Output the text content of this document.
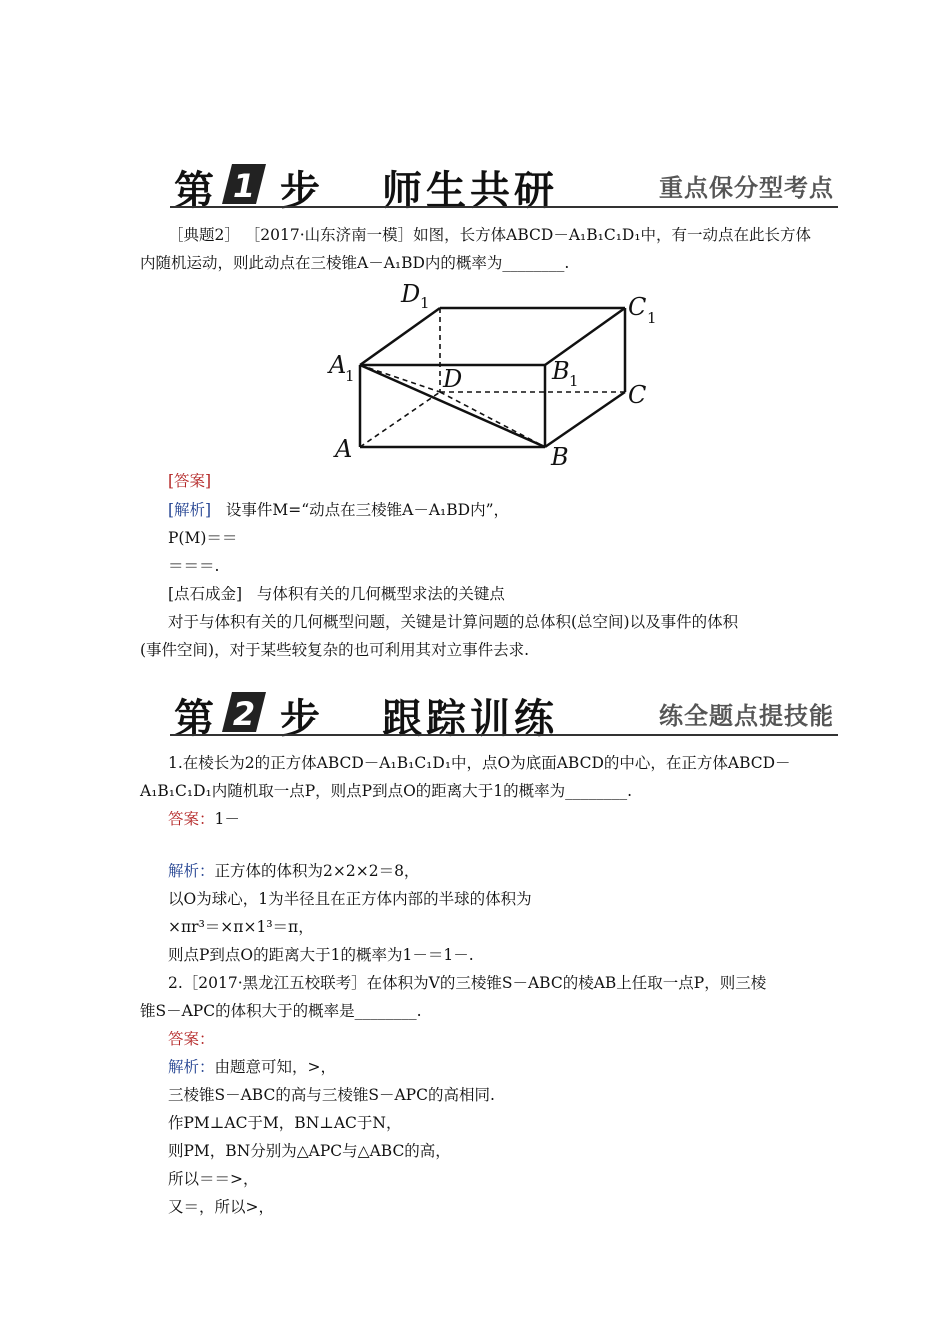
第 1 步 师生共研	重点保分型考点
［典题2］ ［2017·山东济南一模］如图，长方体ABCD－A₁B₁C₁D₁中，有一动点在此长方体
内随机运动，则此动点在三棱锥A－A₁BD内的概率为________.
D 1	C 1
A
1	D	B 1 C
A	B
[答案]
[解析] 设事件M=“动点在三棱锥A－A₁BD内”，
P(M)＝＝
＝＝＝.
[点石成金] 与体积有关的几何概型求法的关键点
对于与体积有关的几何概型问题，关键是计算问题的总体积(总空间)以及事件的体积
(事件空间)，对于某些较复杂的也可利用其对立事件去求.
第 2 步 跟踪训练	练全题点提技能
1.在棱长为2的正方体ABCD－A₁B₁C₁D₁中，点O为底面ABCD的中心，在正方体ABCD－
A₁B₁C₁D₁内随机取一点P，则点P到点O的距离大于1的概率为________.
答案：1－
解析：正方体的体积为2×2×2＝8，
以O为球心，1为半径且在正方体内部的半球的体积为
×πr³＝×π×1³＝π，
则点P到点O的距离大于1的概率为1－＝1－.
2.［2017·黑龙江五校联考］在体积为V的三棱锥S－ABC的棱AB上任取一点P，则三棱
锥S－APC的体积大于的概率是________.
答案：
解析：由题意可知，>，
三棱锥S－ABC的高与三棱锥S－APC的高相同.
作PM⊥AC于M，BN⊥AC于N，
则PM，BN分别为△APC与△ABC的高，
所以＝＝>，
又＝，所以>，
